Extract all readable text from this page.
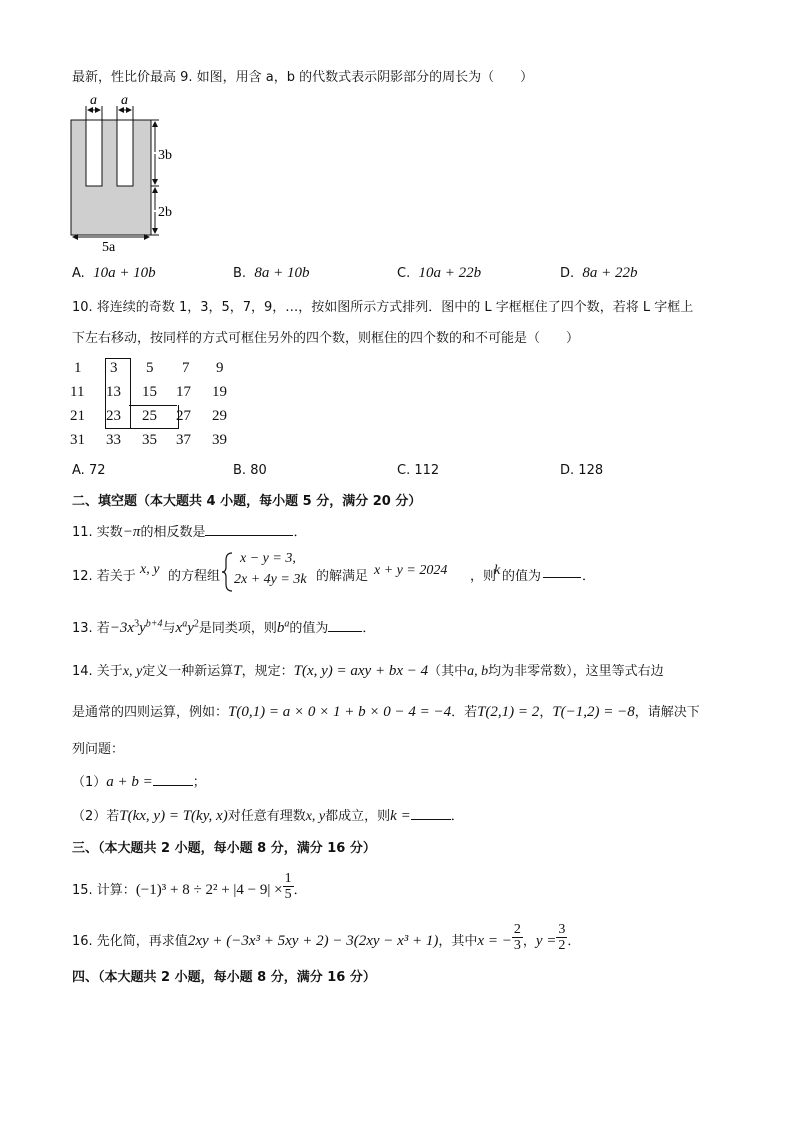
最新，性比价最高 9. 如图，用含 a，b 的代数式表示阴影部分的周长为（　　）
a a
3b
2b
5a
A. 10a + 10b	B. 8a + 10b	C. 10a + 22b	D. 8a + 22b
10. 将连续的奇数 1，3，5，7，9，…，按如图所示方式排列．图中的 L 字框框住了四个数，若将 L 字框上
下左右移动，按同样的方式可框住另外的四个数，则框住的四个数的和不可能是（　　）
1 3 5 7 9
11 13 15 17 19
21 23 25 27 29
31 33 35 37 39
A. 72	B. 80	C. 112	D. 128
二、填空题（本大题共 4 小题，每小题 5 分，满分 20 分）
11. 实数−π的相反数是	．
12. 若关于 x, y 的方程组
x − y = 3,
2x + 4y = 3k 的解满足 x + y = 2024 ，则
k 的值为	．
13. 若$-3x^3y^{b+4}$与$x^ay^2$是同类项，则$b^a$的值为	．
14. 关于x, y定义一种新运算T，规定：T(x, y) = axy + bx − 4（其中a, b均为非零常数），这里等式右边
是通常的四则运算，例如：T(0,1) = a × 0 × 1 + b × 0 − 4 = −4．若T(2,1) = 2，T(−1,2) = −8，请解决下
列问题：
（1）a + b =	；
（2）若T(kx, y) = T(ky, x)对任意有理数x, y都成立，则k =	．
三、（本大题共 2 小题，每小题 8 分，满分 16 分）
15. 计算：$(-1)^3 + 8 \div 2^2 + |4 - 9| \times \frac{1}{5}$ ．
16. 先化简，再求值2xy + (−3x³ + 5xy + 2) − 3(2xy − x³ + 1)，其中x = − $\frac{2}{3}$ ，$y = \frac{3}{2}$ ．
四、（本大题共 2 小题，每小题 8 分，满分 16 分）
